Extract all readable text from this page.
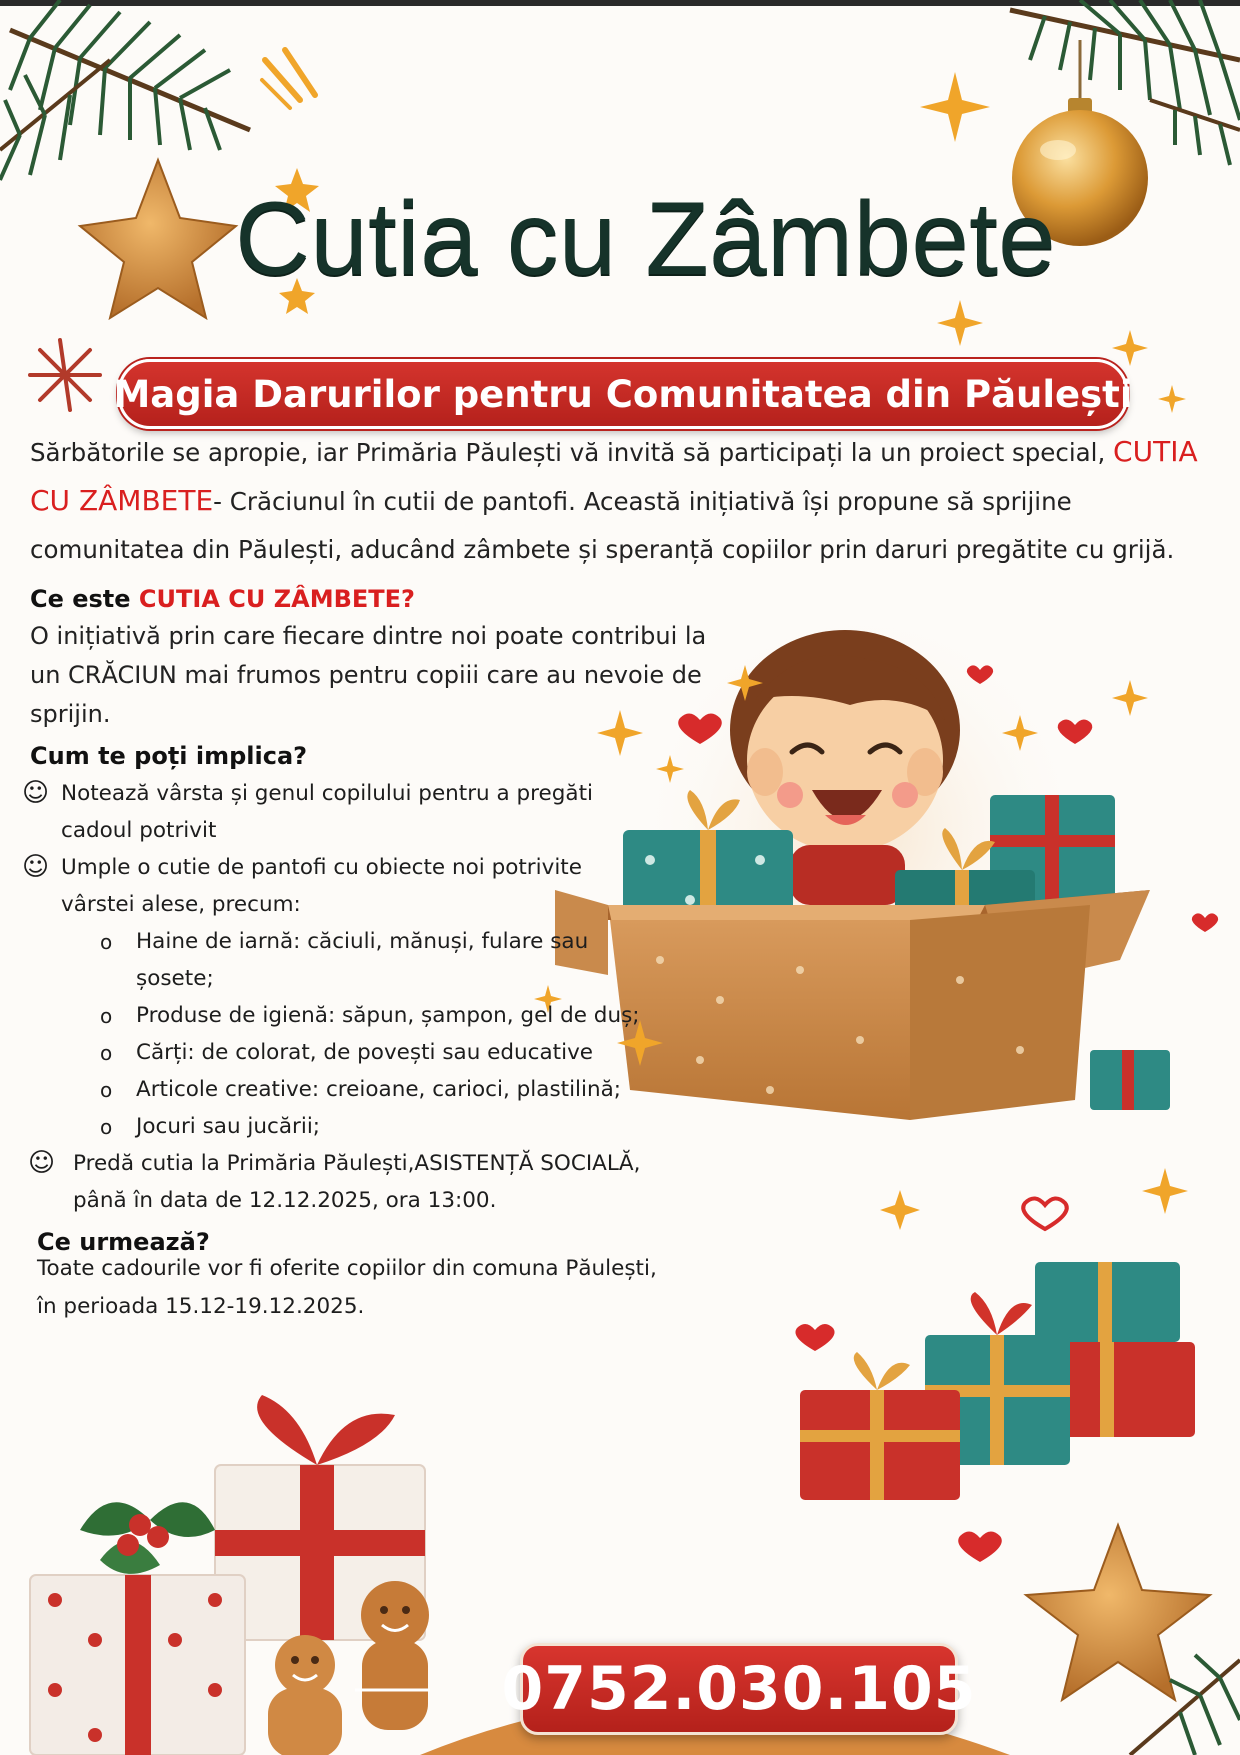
Cutia cu Zâmbete
Magia Darurilor pentru Comunitatea din Păulești
Sărbătorile se apropie, iar Primăria Păulești vă invită să participați la un proiect special, CUTIA CU ZÂMBETE- Crăciunul în cutii de pantofi. Această inițiativă își propune să sprijine comunitatea din Păulești, aducând zâmbete și speranță copiilor prin daruri pregătite cu grijă.
Ce este CUTIA CU ZÂMBETE?
O inițiativă prin care fiecare dintre noi poate contribui la un CRĂCIUN mai frumos pentru copiii care au nevoie de sprijin.
Cum te poți implica?
☺ Notează vârsta și genul copilului pentru a pregăti
cadoul potrivit
☺ Umple o cutie de pantofi cu obiecte noi potrivite
vârstei alese, precum:
o Haine de iarnă: căciuli, mănuși, fulare sau
șosete;
o Produse de igienă: săpun, șampon, gel de duș;
o Cărți: de colorat, de povești sau educative
o Articole creative: creioane, carioci, plastilină;
o Jocuri sau jucării;
☺ Predă cutia la Primăria Păulești,ASISTENȚĂ SOCIALĂ,
până în data de 12.12.2025, ora 13:00.
Ce urmează?
Toate cadourile vor fi oferite copiilor din comuna Păulești,
în perioada 15.12-19.12.2025.
0752.030.105
